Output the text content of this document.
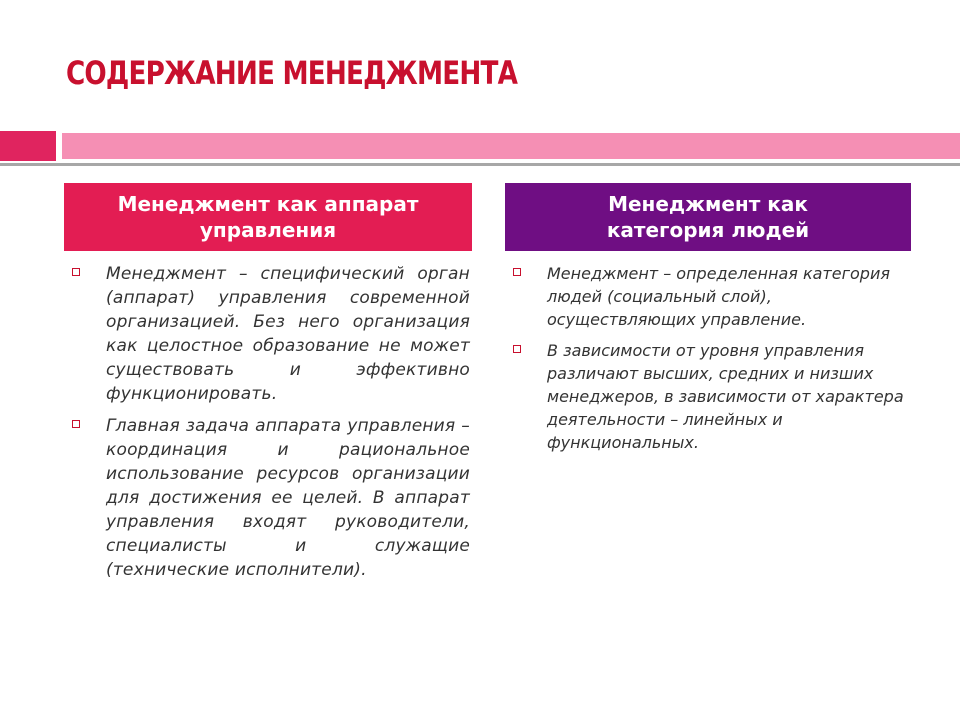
СОДЕРЖАНИЕ МЕНЕДЖМЕНТА
Менеджмент как аппарат
управления
Менеджмент как
категория людей
Менеджмент – специфический орган (аппарат) управления современной организацией. Без него организация как целостное образование не может существовать и эффективно функционировать.
Главная задача аппарата управления – координация и рациональное использование ресурсов организации для достижения ее целей. В аппарат управления входят руководители, специалисты и служащие (технические исполнители).
Менеджмент – определенная категория людей (социальный слой), осуществляющих управление.
В зависимости от уровня управления различают высших, средних и низших менеджеров, в зависимости от характера деятельности – линейных и функциональных.
